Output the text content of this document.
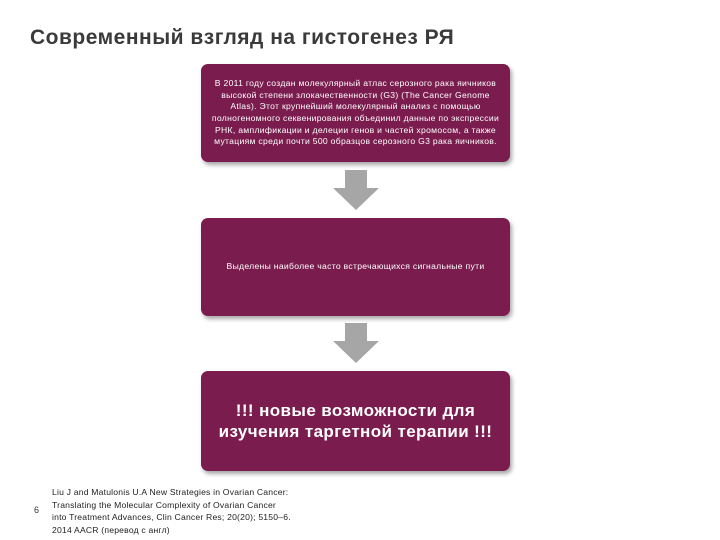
Современный взгляд на гистогенез РЯ
В 2011 году создан молекулярный атлас серозного рака яичников высокой степени злокачественности (G3) (The Cancer Genome Atlas). Этот крупнейший молекулярный анализ с помощью полногеномного секвенирования объединил данные по экспрессии РНК, амплификации и делеции генов и частей хромосом, а также мутациям среди почти 500 образцов серозного G3 рака яичников.
Выделены наиболее часто встречающихся сигнальные пути
!!! новые возможности для изучения таргетной терапии !!!
6
Liu J and Matulonis U.A New Strategies in Ovarian Cancer:
Translating the Molecular Complexity of Ovarian Cancer
into Treatment Advances, Clin Cancer Res; 20(20); 5150–6.
2014 AACR (перевод с англ)
